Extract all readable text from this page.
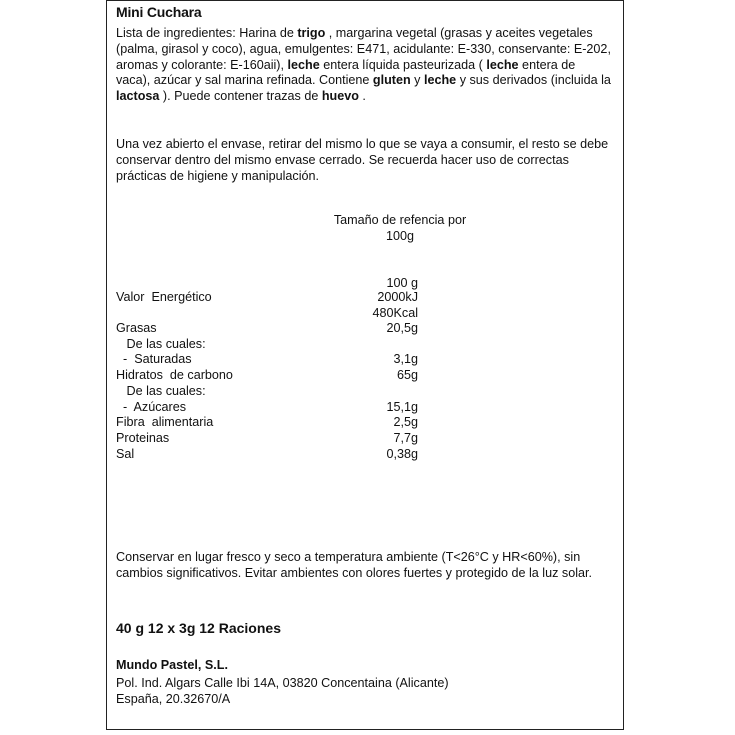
Mini Cuchara
Lista de ingredientes: Harina de trigo , margarina vegetal (grasas y aceites vegetales (palma, girasol y coco), agua, emulgentes: E471, acidulante: E-330, conservante: E-202, aromas y colorante: E-160aii), leche entera líquida pasteurizada ( leche entera de vaca), azúcar y sal marina refinada. Contiene gluten y leche y sus derivados (incluida la lactosa ). Puede contener trazas de huevo .
Una vez abierto el envase, retirar del mismo lo que se vaya a consumir, el resto se debe conservar dentro del mismo envase cerrado. Se recuerda hacer uso de correctas prácticas de higiene y manipulación.
Tamaño de refencia por
100g
100 g
Valor  Energético	2000kJ
480Kcal
Grasas	20,5g
De las cuales:
-  Saturadas	3,1g
Hidratos  de carbono	65g
De las cuales:
-  Azúcares	15,1g
Fibra  alimentaria	2,5g
Proteinas	7,7g
Sal	0,38g
Conservar en lugar fresco y seco a temperatura ambiente (T<26°C y HR<60%), sin cambios significativos. Evitar ambientes con olores fuertes y protegido de la luz solar.
40 g 12 x 3g 12 Raciones
Mundo Pastel, S.L.
Pol. Ind. Algars Calle Ibi 14A, 03820 Concentaina (Alicante)
España, 20.32670/A
